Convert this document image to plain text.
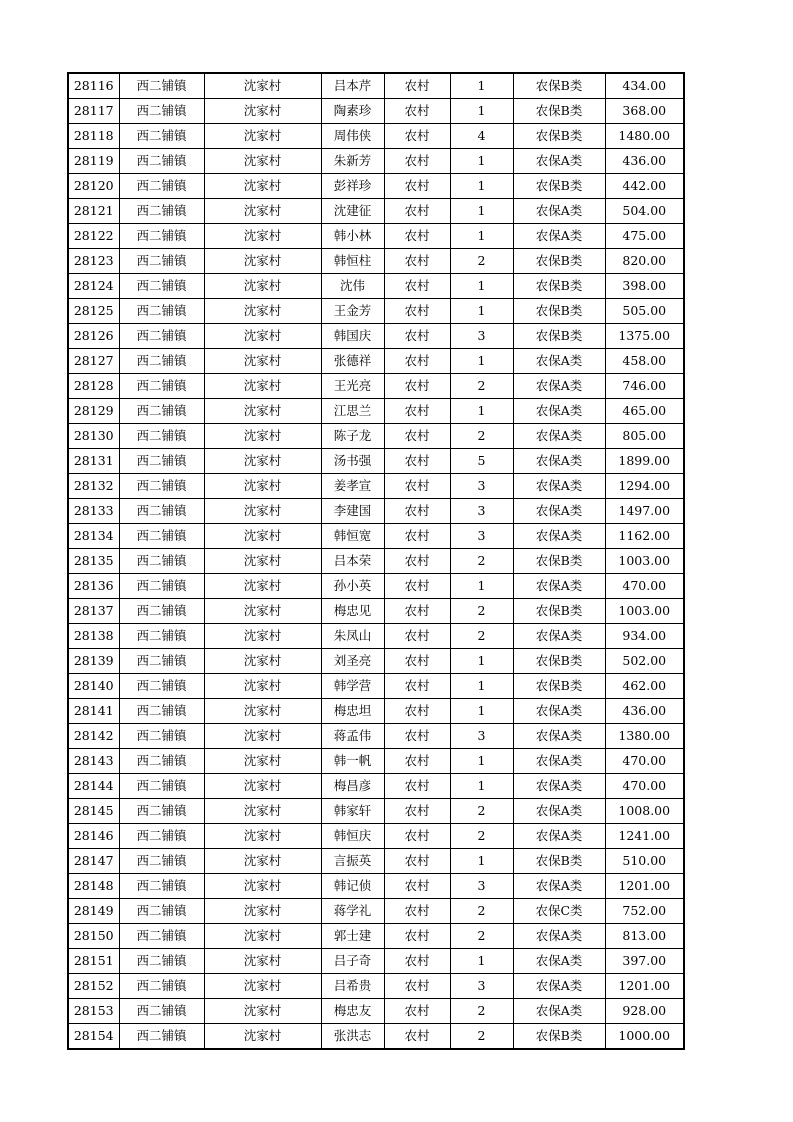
28116	西二铺镇	沈家村	吕本芹	农村	1	农保B类	434.00
28117	西二铺镇	沈家村	陶素珍	农村	1	农保B类	368.00
28118	西二铺镇	沈家村	周伟侠	农村	4	农保B类	1480.00
28119	西二铺镇	沈家村	朱新芳	农村	1	农保A类	436.00
28120	西二铺镇	沈家村	彭祥珍	农村	1	农保B类	442.00
28121	西二铺镇	沈家村	沈建征	农村	1	农保A类	504.00
28122	西二铺镇	沈家村	韩小林	农村	1	农保A类	475.00
28123	西二铺镇	沈家村	韩恒柱	农村	2	农保B类	820.00
28124	西二铺镇	沈家村	沈伟	农村	1	农保B类	398.00
28125	西二铺镇	沈家村	王金芳	农村	1	农保B类	505.00
28126	西二铺镇	沈家村	韩国庆	农村	3	农保B类	1375.00
28127	西二铺镇	沈家村	张德祥	农村	1	农保A类	458.00
28128	西二铺镇	沈家村	王光亮	农村	2	农保A类	746.00
28129	西二铺镇	沈家村	江思兰	农村	1	农保A类	465.00
28130	西二铺镇	沈家村	陈子龙	农村	2	农保A类	805.00
28131	西二铺镇	沈家村	汤书强	农村	5	农保A类	1899.00
28132	西二铺镇	沈家村	姜孝宣	农村	3	农保A类	1294.00
28133	西二铺镇	沈家村	李建国	农村	3	农保A类	1497.00
28134	西二铺镇	沈家村	韩恒宽	农村	3	农保A类	1162.00
28135	西二铺镇	沈家村	吕本荣	农村	2	农保B类	1003.00
28136	西二铺镇	沈家村	孙小英	农村	1	农保A类	470.00
28137	西二铺镇	沈家村	梅忠见	农村	2	农保B类	1003.00
28138	西二铺镇	沈家村	朱凤山	农村	2	农保A类	934.00
28139	西二铺镇	沈家村	刘圣亮	农村	1	农保B类	502.00
28140	西二铺镇	沈家村	韩学营	农村	1	农保B类	462.00
28141	西二铺镇	沈家村	梅忠坦	农村	1	农保A类	436.00
28142	西二铺镇	沈家村	蒋孟伟	农村	3	农保A类	1380.00
28143	西二铺镇	沈家村	韩一帆	农村	1	农保A类	470.00
28144	西二铺镇	沈家村	梅昌彦	农村	1	农保A类	470.00
28145	西二铺镇	沈家村	韩家轩	农村	2	农保A类	1008.00
28146	西二铺镇	沈家村	韩恒庆	农村	2	农保A类	1241.00
28147	西二铺镇	沈家村	言振英	农村	1	农保B类	510.00
28148	西二铺镇	沈家村	韩记侦	农村	3	农保A类	1201.00
28149	西二铺镇	沈家村	蒋学礼	农村	2	农保C类	752.00
28150	西二铺镇	沈家村	郭士建	农村	2	农保A类	813.00
28151	西二铺镇	沈家村	吕子奇	农村	1	农保A类	397.00
28152	西二铺镇	沈家村	吕希贵	农村	3	农保A类	1201.00
28153	西二铺镇	沈家村	梅忠友	农村	2	农保A类	928.00
28154	西二铺镇	沈家村	张洪志	农村	2	农保B类	1000.00
